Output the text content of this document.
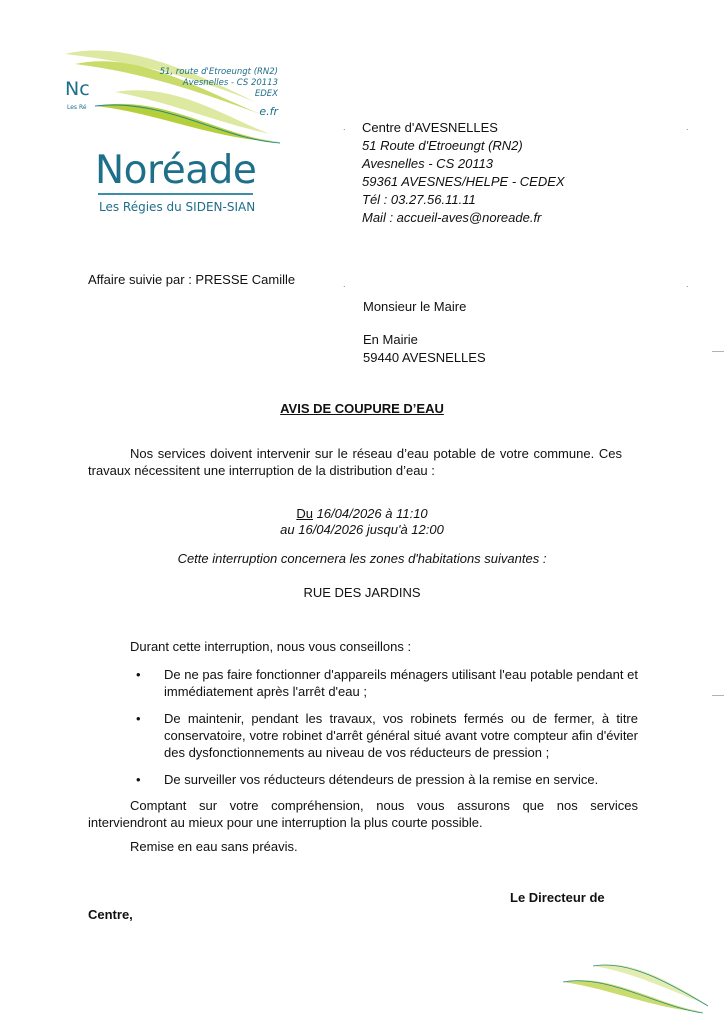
51, route d'Etroeungt (RN2)
Avesnelles - CS 20113
EDEX
e.fr
Nc
Les Ré
Noréade
Les Régies du SIDEN-SIAN
.	.
Centre d'AVESNELLES
51 Route d'Etroeungt (RN2)
Avesnelles - CS 20113
59361 AVESNES/HELPE - CEDEX
Tél : 03.27.56.11.11
Mail : accueil-aves@noreade.fr
Affaire suivie par : PRESSE Camille	.	.
Monsieur le Maire
En Mairie
59440 AVESNELLES
AVIS DE COUPURE D’EAU
Nos services doivent intervenir sur le réseau d’eau potable de votre commune. Ces travaux nécessitent une interruption de la distribution d’eau :
Du 16/04/2026 à 11:10
au 16/04/2026 jusqu'à 12:00
Cette interruption concernera les zones d'habitations suivantes :
RUE DES JARDINS
Durant cette interruption, nous vous conseillons :
• De ne pas faire fonctionner d'appareils ménagers utilisant l'eau potable pendant et immédiatement après l'arrêt d'eau ;
• De maintenir, pendant les travaux, vos robinets fermés ou de fermer, à titre conservatoire, votre robinet d'arrêt général situé avant votre compteur afin d'éviter des dysfonctionnements au niveau de vos réducteurs de pression ;
• De surveiller vos réducteurs détendeurs de pression à la remise en service.
Comptant sur votre compréhension, nous vous assurons que nos services interviendront au mieux pour une interruption la plus courte possible.
Remise en eau sans préavis.
Le Directeur de
Centre,
